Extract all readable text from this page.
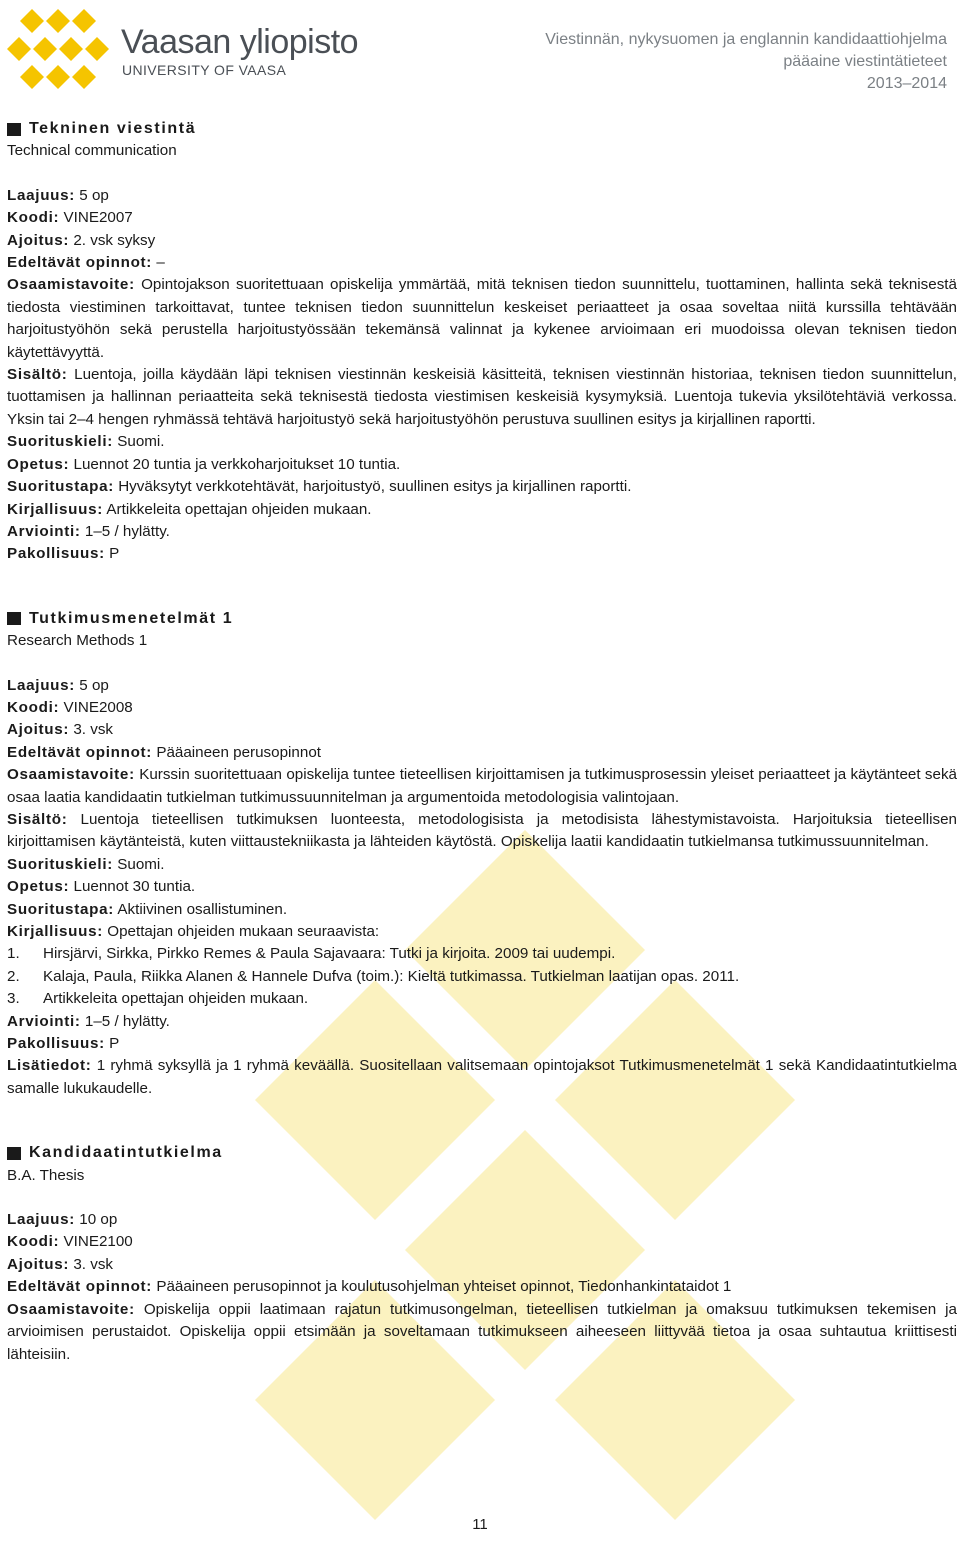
Vaasan yliopisto
UNIVERSITY OF VAASA
Viestinnän, nykysuomen ja englannin kandidaattiohjelma
pääaine viestintätieteet
2013–2014
Tekninen viestintä
Technical communication
Laajuus: 5 op
Koodi: VINE2007
Ajoitus: 2. vsk syksy
Edeltävät opinnot: –

Osaamistavoite: Opintojakson suoritettuaan opiskelija ymmärtää, mitä teknisen tiedon suunnittelu, tuottaminen, hallinta sekä teknisestä tiedosta viestiminen tarkoittavat, tuntee teknisen tiedon suunnittelun keskeiset periaatteet ja osaa soveltaa niitä kurssilla tehtävään harjoitustyöhön sekä perustella harjoitustyössään tekemänsä valinnat ja kykenee arvioimaan eri muodoissa olevan teknisen tiedon käytettävyyttä.

Sisältö: Luentoja, joilla käydään läpi teknisen viestinnän keskeisiä käsitteitä, teknisen viestinnän historiaa, teknisen tiedon suunnittelun, tuottamisen ja hallinnan periaatteita sekä teknisestä tiedosta viestimisen keskeisiä kysymyksiä. Luentoja tukevia yksilötehtäviä verkossa. Yksin tai 2–4 hengen ryhmässä tehtävä harjoitustyö sekä harjoitustyöhön perustuva suullinen esitys ja kirjallinen raportti.

Suorituskieli: Suomi.
Opetus: Luennot 20 tuntia ja verkkoharjoitukset 10 tuntia.
Suoritustapa: Hyväksytyt verkkotehtävät, harjoitustyö, suullinen esitys ja kirjallinen raportti.
Kirjallisuus: Artikkeleita opettajan ohjeiden mukaan.
Arviointi: 1–5 / hylätty.
Pakollisuus: P
Tutkimusmenetelmät 1
Research Methods 1
Laajuus: 5 op
Koodi: VINE2008
Ajoitus: 3. vsk
Edeltävät opinnot: Pääaineen perusopinnot

Osaamistavoite: Kurssin suoritettuaan opiskelija tuntee tieteellisen kirjoittamisen ja tutkimusprosessin yleiset periaatteet ja käytänteet sekä osaa laatia kandidaatin tutkielman tutkimussuunnitelman ja argumentoida metodologisia valintojaan.

Sisältö: Luentoja tieteellisen tutkimuksen luonteesta, metodologisista ja metodisista lähestymistavoista. Harjoituksia tieteellisen kirjoittamisen käytänteistä, kuten viittaustekniikasta ja lähteiden käytöstä. Opiskelija laatii kandidaatin tutkielmansa tutkimussuunnitelman.

Suorituskieli: Suomi.
Opetus: Luennot 30 tuntia.
Suoritustapa: Aktiivinen osallistuminen.
Kirjallisuus: Opettajan ohjeiden mukaan seuraavista:
1.	Hirsjärvi, Sirkka, Pirkko Remes & Paula Sajavaara: Tutki ja kirjoita. 2009 tai uudempi.
2.	Kalaja, Paula, Riikka Alanen & Hannele Dufva (toim.): Kieltä tutkimassa. Tutkielman laatijan opas. 2011.
3.	Artikkeleita opettajan ohjeiden mukaan.
Arviointi: 1–5 / hylätty.
Pakollisuus: P

Lisätiedot: 1 ryhmä syksyllä ja 1 ryhmä keväällä. Suositellaan valitsemaan opintojaksot Tutkimusmenetelmät 1 sekä Kandidaatintutkielma samalle lukukaudelle.

Kandidaatintutkielma
B.A. Thesis
Laajuus: 10 op
Koodi: VINE2100
Ajoitus: 3. vsk
Edeltävät opinnot: Pääaineen perusopinnot ja koulutusohjelman yhteiset opinnot, Tiedonhankintataidot 1

Osaamistavoite: Opiskelija oppii laatimaan rajatun tutkimusongelman, tieteellisen tutkielman ja omaksuu tutkimuksen tekemisen ja arvioimisen perustaidot. Opiskelija oppii etsimään ja soveltamaan tutkimukseen aiheeseen liittyvää tietoa ja osaa suhtautua kriittisesti lähteisiin.

11
